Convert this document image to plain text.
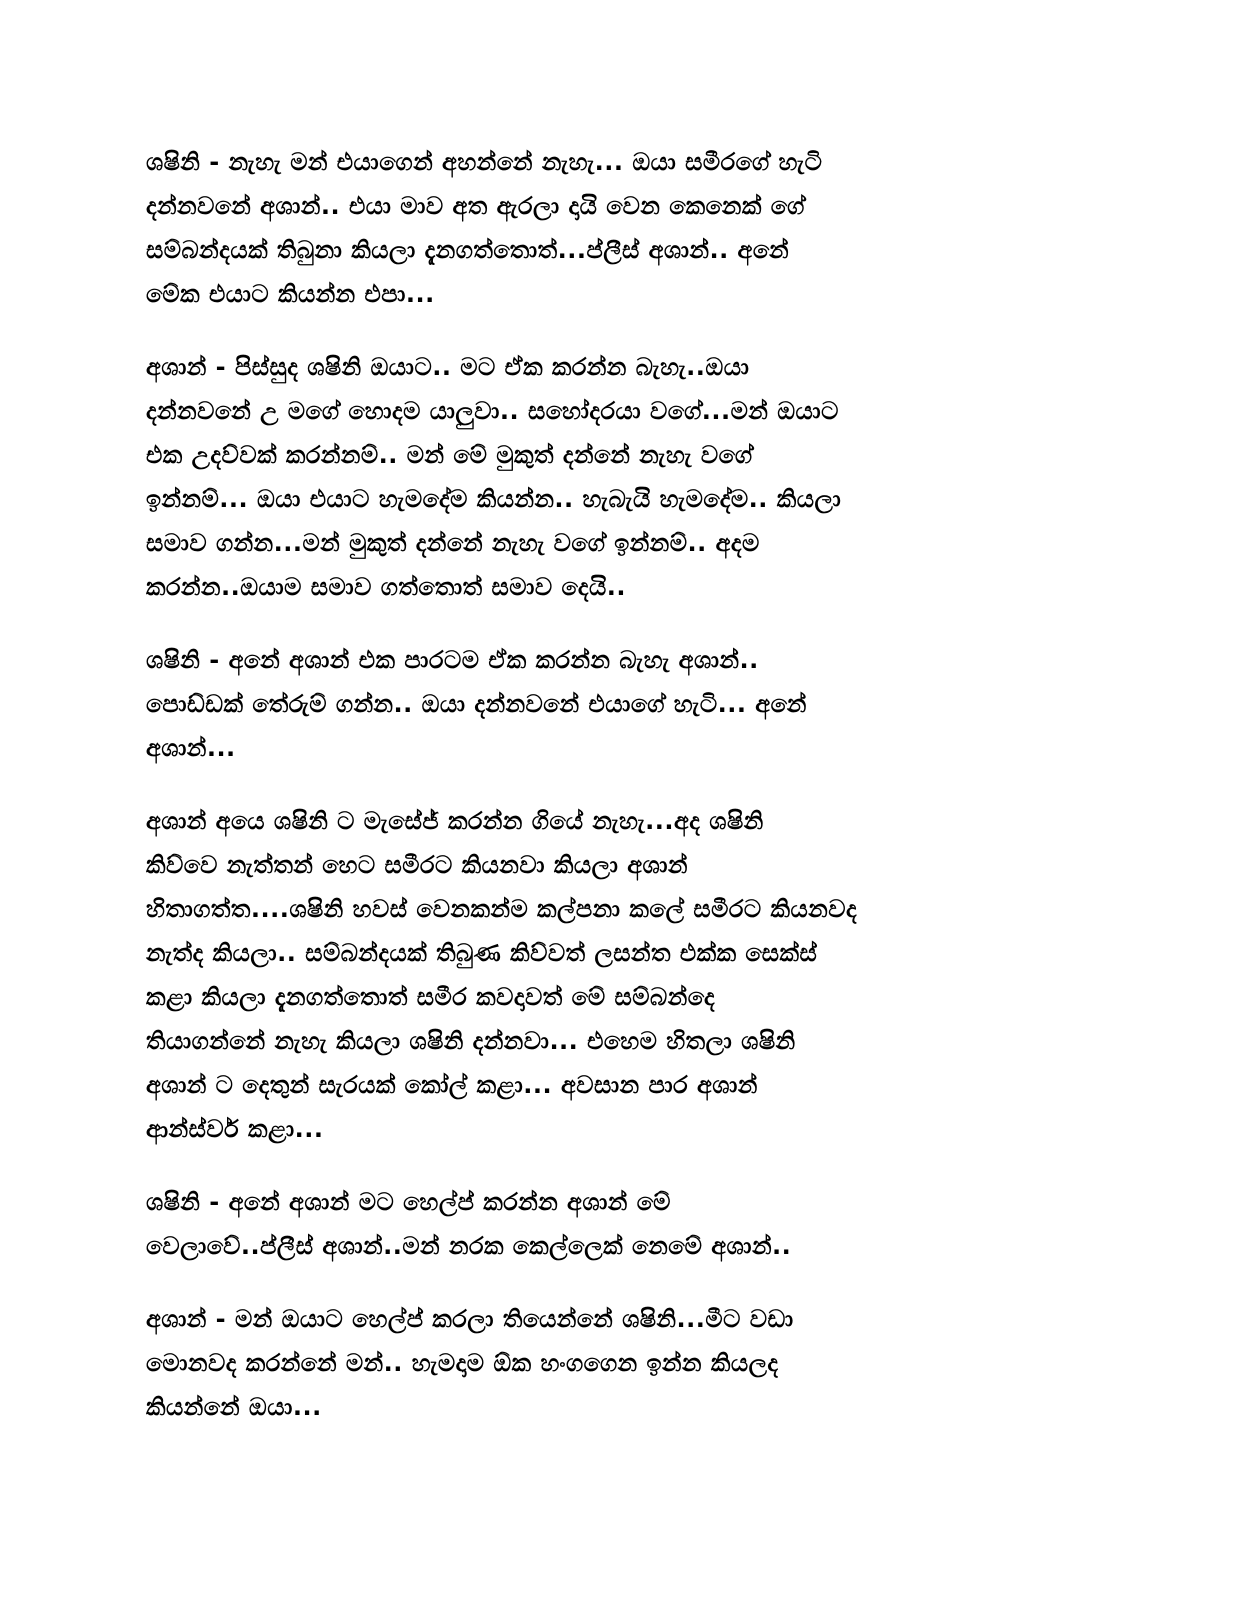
ශෂිනි - නැහැ මන් එයාගෙන් අහන්නේ නැහැ... ඔයා සමීරගේ හැටි
දන්නවනේ අශාන්.. එයා මාව අත ඇරලා දායි වෙන කෙනෙක් ගේ
සම්බන්දයක් තිබුනා කියලා දැනගත්තොත්...ප්ලීස් අශාන්.. අනේ
මේක එයාට කියන්න එපා...
අශාන් - පිස්සුද ශෂිනි ඔයාට.. මට ඒක කරන්න බැහැ..ඔයා
දන්නවනේ උ මගේ හොදම යාලුවා.. සහෝදරයා වගේ...මන් ඔයාට
එක උදව්වක් කරන්නම්.. මන් මේ මුකුත් දන්නේ නැහැ වගේ
ඉන්නම්... ඔයා එයාට හැමදේම කියන්න.. හැබැයි හැමදේම.. කියලා
සමාව ගන්න...මන් මුකුත් දන්නේ නැහැ වගේ ඉන්නම්.. අදම
කරන්න..ඔයාම සමාව ගත්තොත් සමාව දෙයි..
ශෂිනි - අනේ අශාන් එක පාරටම ඒක කරන්න බැහැ අශාන්..
පොඩ්ඩක් තේරුම් ගන්න.. ඔයා දන්නවනේ එයාගේ හැටි... අනේ
අශාන්...
අශාන් අයෙ ශෂිනි ට මැසේජ් කරන්න ගියේ නැහැ...අද ශෂිනි
කිව්වෙ නැත්තන් හෙට සමීරට කියනවා කියලා අශාන්
හිතාගත්ත....ශෂිනි හවස් වෙනකන්ම කල්පනා කලේ සමීරට කියනවද
නැත්ද කියලා.. සම්බන්දයක් තිබුණ කිව්වත් ලසන්ත එක්ක සෙක්ස්
කළා කියලා දැනගත්තොත් සමීර කවදාවත් මේ සම්බන්දෙ
තියාගන්නේ නැහැ කියලා ශෂිනි දන්නවා... එහෙම හිතලා ශෂිනි
අශාන් ට දෙතුන් සැරයක් කෝල් කළා... අවසාන පාර අශාන්
ආන්ස්වර් කළා...
ශෂිනි - අනේ අශාන් මට හෙල්ප් කරන්න අශාන් මේ
වෙලාවේ..ප්ලීස් අශාන්..මන් නරක කෙල්ලෙක් නෙමේ අශාන්..
අශාන් - මන් ඔයාට හෙල්ප් කරලා තියෙන්නේ ශෂිනි...මීට වඩා
මොනවද කරන්නේ මන්.. හැමදාම ඕක හංගගෙන ඉන්න කියලද
කියන්නේ ඔයා...
